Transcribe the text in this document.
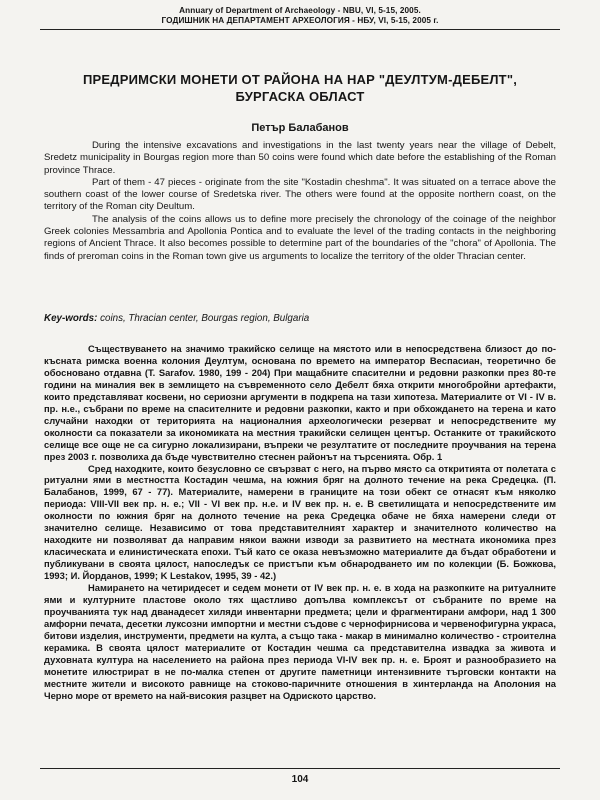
Annuary of Department of Archaeology - NBU, VI, 5-15, 2005.
ГОДИШНИК НА ДЕПАРТАМЕНТ АРХЕОЛОГИЯ - НБУ, VI, 5-15, 2005 г.
ПРЕДРИМСКИ МОНЕТИ ОТ РАЙОНА НА НАР "ДЕУЛТУМ-ДЕБЕЛТ",
БУРГАСКА ОБЛАСТ
Петър Балабанов

During the intensive excavations and investigations in the last twenty years near the village of Debelt, Sredetz municipality in Bourgas region more than 50 coins were found which date before the establishing of the Roman province Thrace.

Part of them - 47 pieces - originate from the site "Kostadin cheshma". It was situated on a terrace above the southern coast of the lower course of Sredetska river. The others were found at the opposite northern coast, on the territory of the Roman city Deultum.

The analysis of the coins allows us to define more precisely the chronology of the coinage of the neighbor Greek colonies Messambria and Apollonia Pontica and to evaluate the level of the trading contacts in the neighboring regions of Ancient Thrace. It also becomes possible to determine part of the boundaries of the "chora" of Apollonia. The finds of preroman coins in the Roman town give us arguments to localize the territory of the older Thracian center.

Key-words: coins, Thracian center, Bourgas region, Bulgaria

Съществуването на значимо тракийско селище на мястото или в непосредствена близост до по-късната римска военна колония Деултум, основана по времето на император Веспасиан, теоретично бе обосновано отдавна (T. Sarafov. 1980, 199 - 204) При мащабните спасителни и редовни разкопки през 80-те години на миналия век в землището на съвременното село Дебелт бяха открити многобройни артефакти, които представляват косвени, но сериозни аргументи в подкрепа на тази хипотеза. Материалите от VI - IV в. пр. н.е., събрани по време на спасителните и редовни разкопки, както и при обхождането на терена и като случайни находки от територията на националния археологически резерват и непосредствените му околности са показатели за икономиката на местния тракийски селищен център. Останките от тракийското селище все още не са сигурно локализирани, въпреки че резултатите от последните проучвания на терена през 2003 г. позволиха да бъде чувствително стеснен районът на търсенията. Обр. 1

Сред находките, които безусловно се свързват с него, на първо място са откритията от полетата с ритуални ями в местността Костадин чешма, на южния бряг на долното течение на река Средецка. (П. Балабанов, 1999, 67 - 77). Материалите, намерени в границите на този обект се отнасят към няколко периода: VIII-VII век пр. н. е.; VII - VI век пр. н.е. и IV век пр. н. е. В светилищата и непосредствените им околности по южния бряг на долното течение на река Средецка обаче не бяха намерени следи от значително селище. Независимо от това представителният характер и значителното количество на находките ни позволяват да направим някои важни изводи за развитието на местната икономика през класическата и елинистическата епохи. Тъй като се оказа невъзможно материалите да бъдат обработени и публикувани в своята цялост, напоследък се пристъпи към обнародването им по колекции (Б. Божкова, 1993; И. Йорданов, 1999; K Lestakov, 1995, 39 - 42.)

Намирането на четиридесет и седем монети от IV век пр. н. е. в хода на разкопките на ритуалните ями и културните пластове около тях щастливо допълва комплексът от събраните по време на проучванията тук над дванадесет хиляди инвентарни предмета; цели и фрагментирани амфори, над 1 300 амфорни печата, десетки луксозни импортни и местни съдове с чернофирнисова и червенофигурна украса, битови изделия, инструменти, предмети на култа, а също така - макар в минимално количество - строителна керамика. В своята цялост материалите от Костадин чешма са представителна извадка за живота и духовната култура на населението на района през периода VI-IV век пр. н. е. Броят и разнообразието на монетите илюстрират в не по-малка степен от другите паметници интензивните търговски контакти на местните жители и високото равнище на стоково-паричните отношения в хинтерланда на Аполония на Черно море от времето на най-високия разцвет на Одриското царство.

104
